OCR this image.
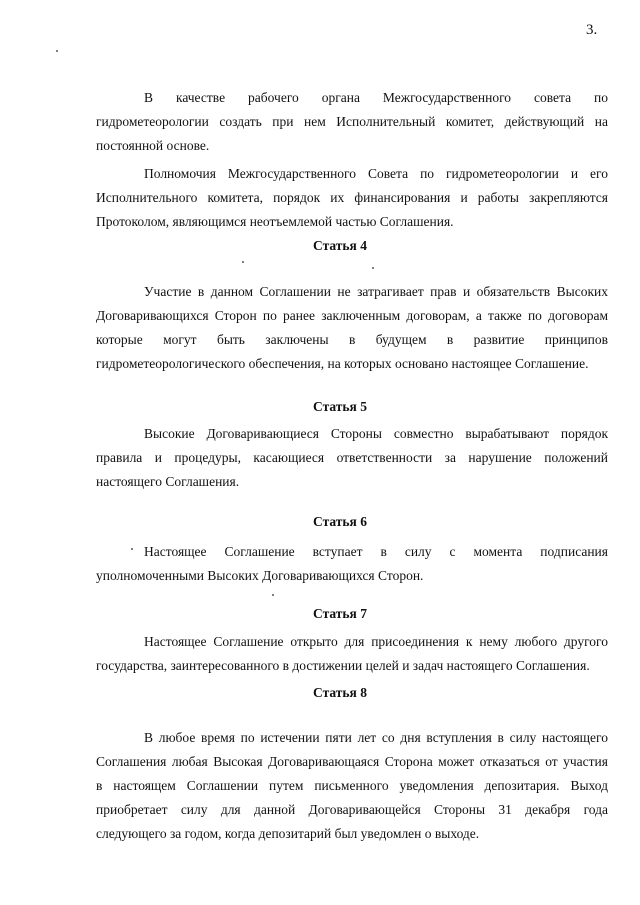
3.
В качестве рабочего органа Межгосударственного совета по
гидрометеорологии создать при нем Исполнительный комитет, действующий на
постоянной основе.
Полномочия Межгосударственного Совета по гидрометеорологии и его
Исполнительного комитета, порядок их финансирования и работы закрепляются
Протоколом, являющимся неотъемлемой частью Соглашения.
Статья 4
Участие в данном Соглашении не затрагивает прав и обязательств Высоких
Договаривающихся Сторон по ранее заключенным договорам, а также по договорам
которые могут быть заключены в будущем в развитие принципов
гидрометеорологического обеспечения, на которых основано настоящее Соглашение.
Статья 5
Высокие Договаривающиеся Стороны совместно вырабатывают порядок
правила и процедуры, касающиеся ответственности за нарушение положений
настоящего Соглашения.
Статья 6
Настоящее Соглашение вступает в силу с момента подписания
уполномоченными Высоких Договаривающихся Сторон.
Статья 7
Настоящее Соглашение открыто для присоединения к нему любого другого
государства, заинтересованного в достижении целей и задач настоящего Соглашения.
Статья 8
В любое время по истечении пяти лет со дня вступления в силу настоящего
Соглашения любая Высокая Договаривающаяся Сторона может отказаться от участия
в настоящем Соглашении путем письменного уведомления депозитария. Выход
приобретает силу для данной Договаривающейся Стороны 31 декабря года
следующего за годом, когда депозитарий был уведомлен о выходе.
